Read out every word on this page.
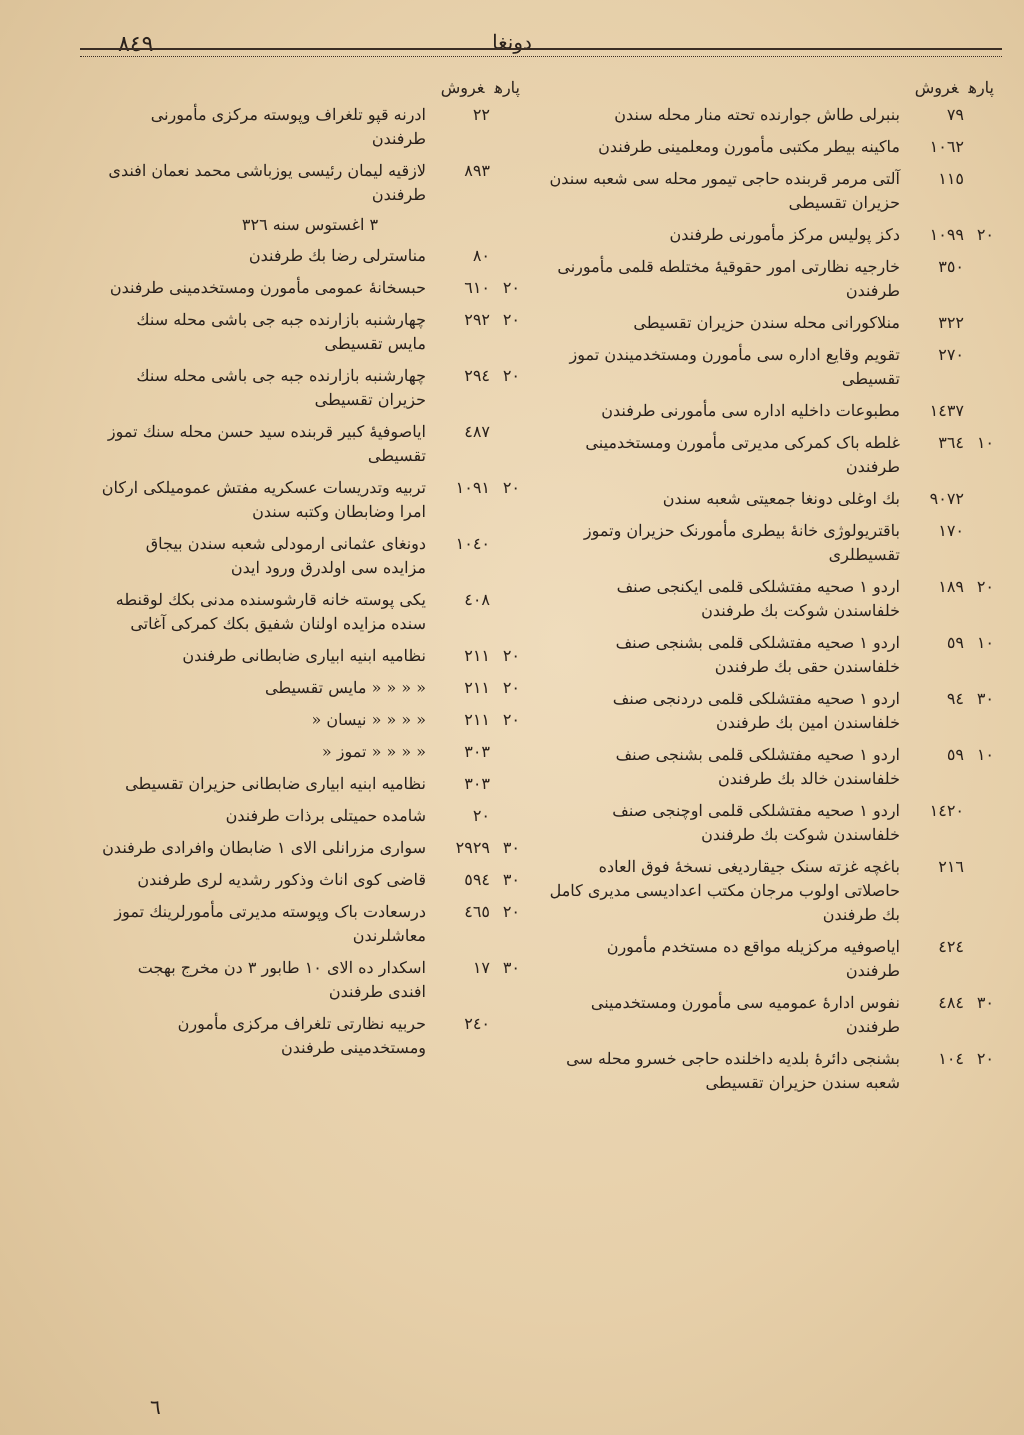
٨٤٩	دونغا
پارهغروش
٧٩
بنبرلی طاش جوارنده تحته منار محله سندن
١٠٦٢
ماکینه بیطر مکتبی مأمورن ومعلمینی طرفندن
١١٥
آلتی مرمر قربنده حاجی تیمور محله سی شعبه سندن حزیران تقسیطی
٢٠
١٠٩٩
دکز پولیس مرکز مأمورنی طرفندن
٣٥٠
خارجیه نظارتی امور حقوقیهٔ مختلطه قلمی مأمورنی طرفندن
٣٢٢
منلاکورانی محله سندن حزیران تقسیطی
٢٧٠
تقویم وقایع اداره سی مأمورن ومستخدمیندن تموز تقسیطی
١٤٣٧
مطبوعات داخلیه اداره سی مأمورنی طرفندن
١٠
٣٦٤
غلطه باک کمرکی مدیرتی مأمورن ومستخدمینی طرفندن
٩٠٧٢
بك اوغلی دونغا جمعیتی شعبه سندن
١٧٠
باقتریولوژی خانهٔ بیطری مأمورنک حزیران وتموز تقسیطلری
٢٠
١٨٩
اردو ١ صحیه مفتشلکی قلمی ایکنجی صنف خلفاسندن شوکت بك طرفندن
١٠
٥٩
اردو ١ صحیه مفتشلکی قلمی بشنجی صنف خلفاسندن حقی بك طرفندن
٣٠
٩٤
اردو ١ صحیه مفتشلکی قلمی دردنجی صنف خلفاسندن امین بك طرفندن
١٠
٥٩
اردو ١ صحیه مفتشلکی قلمی بشنجی صنف خلفاسندن خالد بك طرفندن
١٤٢٠
اردو ١ صحیه مفتشلکی قلمی اوچنجی صنف خلفاسندن شوکت بك طرفندن
٢١٦
باغچه غزته سنک جیقاردیغی نسخهٔ فوق العاده حاصلاتی اولوب مرجان مکتب اعدادیسی مدیری کامل بك طرفندن
٤٢٤
ایاصوفیه مرکزیله مواقع ده مستخدم مأمورن طرفندن
٣٠
٤٨٤
نفوس ادارهٔ عمومیه سی مأمورن ومستخدمینی طرفندن
٢٠
١٠٤
بشنجی دائرهٔ بلدیه داخلنده حاجی خسرو محله سی شعبه سندن حزیران تقسیطی
پارهغروش
٢٢
ادرنه قپو تلغراف وپوسته مرکزی مأمورنی طرفندن
٨٩٣
لازقیه لیمان رئیسی یوزباشی محمد نعمان افندی طرفندن
٣ اغستوس سنه ٣٢٦
٨٠
مناسترلی رضا بك طرفندن
٢٠
٦١٠
حبسخانهٔ عمومی مأمورن ومستخدمینی طرفندن
٢٠
٢٩٢
چهارشنبه بازارنده جبه جی باشی محله سنك مایس تقسیطی
٢٠
٢٩٤
چهارشنبه بازارنده جبه جی باشی محله سنك حزیران تقسیطی
٤٨٧
ایاصوفیهٔ کبیر قربنده سید حسن محله سنك تموز تقسیطی
٢٠
١٠٩١
تربیه وتدریسات عسکریه مفتش عمومیلکی ارکان امرا وضابطان وکتبه سندن
١٠٤٠
دونغای عثمانی ارمودلی شعبه سندن بیجاق مزایده سی اولدرق ورود ایدن
٤٠٨
یکی پوسته خانه قارشوسنده مدنی بکك لوقنطه سنده مزایده اولنان شفیق بکك کمرکی آغاتی
٢٠
٢١١
نظامیه ابنیه ابیاری ضابطانی طرفندن
٢٠
٢١١
« « « « مایس تقسیطی
٢٠
٢١١
« « « « نیسان «
٣٠٣
« « « « تموز «
٣٠٣
نظامیه ابنیه ابیاری ضابطانی حزیران تقسیطی
٢٠
شامده حمیتلی برذات طرفندن
٣٠
٢٩٢٩
سواری مزرانلی الای ١ ضابطان وافرادی طرفندن
٣٠
٥٩٤
قاضی کوی اناث وذکور رشدیه لری طرفندن
٢٠
٤٦٥
درسعادت باک وپوسته مدیرتی مأمورلرینك تموز معاشلرندن
٣٠
١٧
اسکدار ده الای ١٠ طابور ٣ دن مخرج بهجت افندی طرفندن
٢٤٠
حربیه نظارتی تلغراف مرکزی مأمورن ومستخدمینی طرفندن
٦
